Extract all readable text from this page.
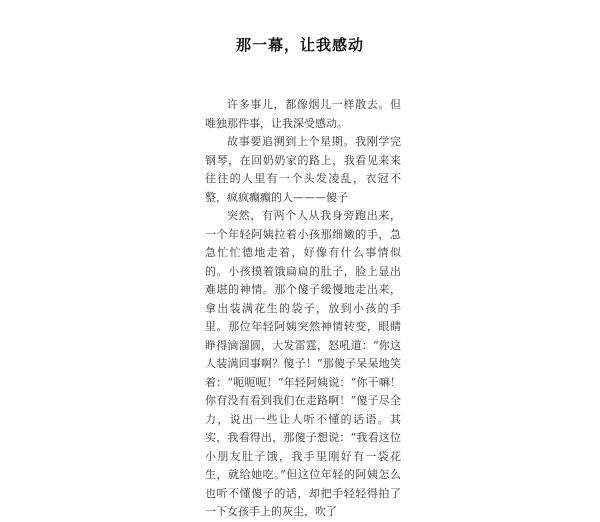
那一幕，让我感动

许多事儿，都像烟儿一样散去。但唯独那件事，让我深受感动。

故事要追溯到上个星期。我刚学完钢琴，在回奶奶家的路上，我看见来来往往的人里有一个头发凌乱，衣冠不整，疯疯癫癫的人———傻子

突然，有两个人从我身旁跑出来，一个年轻阿姨拉着小孩那细嫩的手，急急忙忙德地走着，好像有什么事情似的。小孩摸着饿扁扁的肚子，脸上显出难堪的神情。那个傻子缓慢地走出来，拿出装满花生的袋子，放到小孩的手里。那位年轻阿姨突然神情转变，眼睛睁得滴溜圆，大发雷霆，怒吼道：“你这人装满回事啊？傻子！”那傻子呆呆地笑着：“呃呃呃！”年轻阿姨说：“你干嘛！你有没有看到我们在走路啊！”傻子尽全力，说出一些让人听不懂的话语。其实，我看得出，那傻子想说：“我看这位小朋友肚子饿，我手里刚好有一袋花生，就给她吃。”但这位年轻的阿姨怎么也听不懂傻子的话，却把手轻轻得拍了一下女孩手上的灰尘，吹了
